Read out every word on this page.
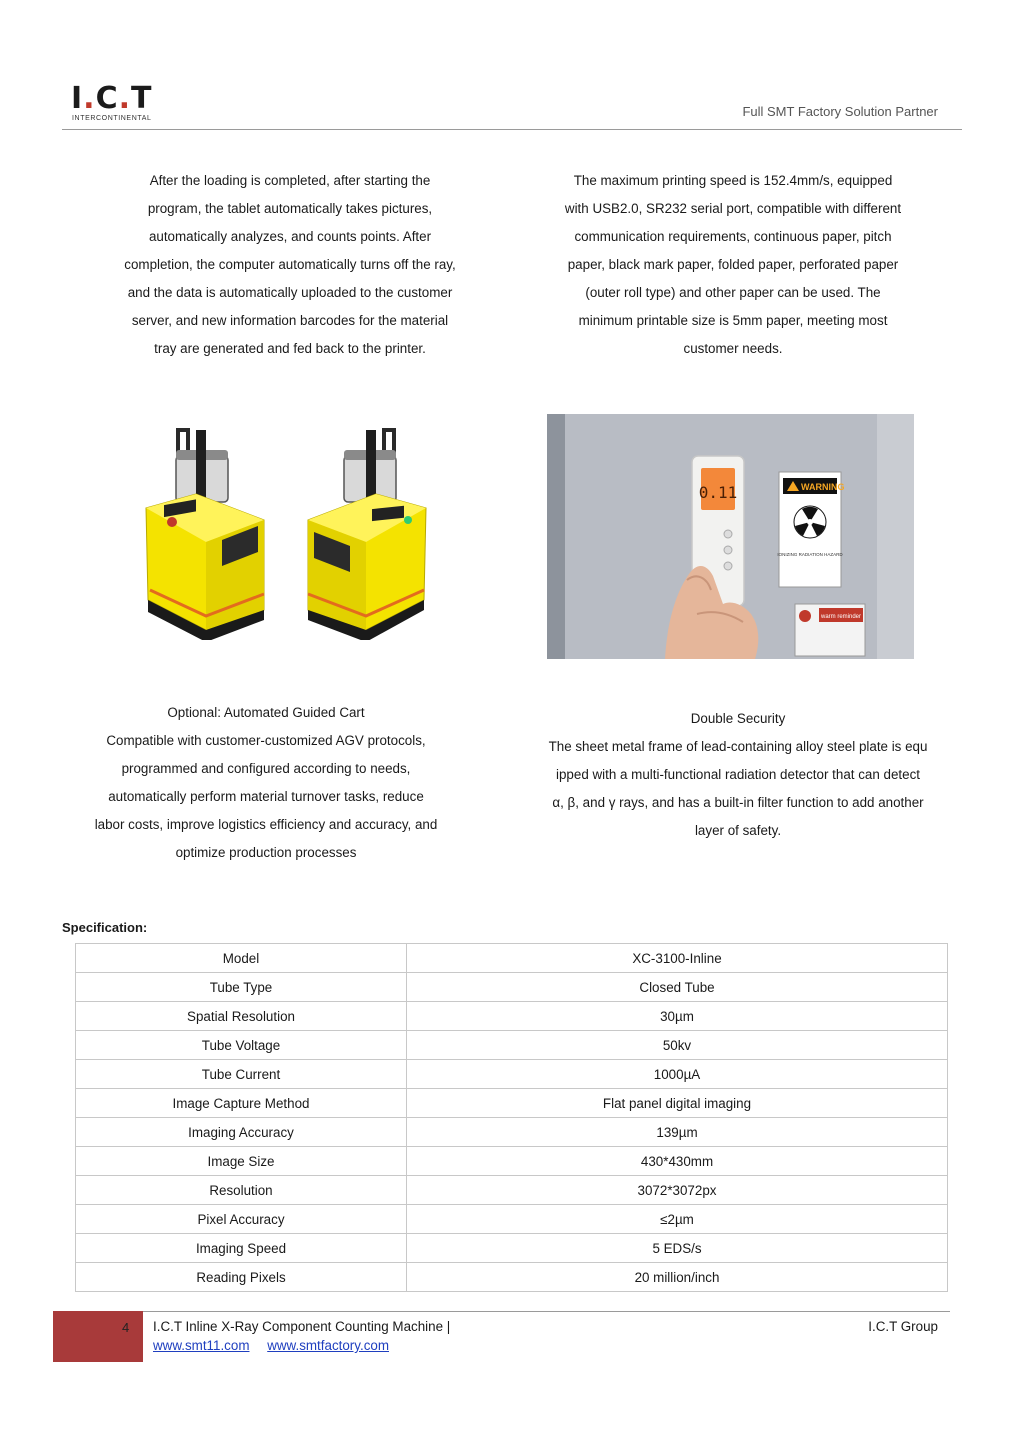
I.C.T
INTERCONTINENTAL	Full SMT Factory Solution Partner
After the loading is completed, after starting the
program, the tablet automatically takes pictures,
automatically analyzes, and counts points. After
completion, the computer automatically turns off the ray,
and the data is automatically uploaded to the customer
server, and new information barcodes for the material
tray are generated and fed back to the printer.
The maximum printing speed is 152.4mm/s, equipped
with USB2.0, SR232 serial port, compatible with different
communication requirements, continuous paper, pitch
paper, black mark paper, folded paper, perforated paper
(outer roll type) and other paper can be used. The
minimum printable size is 5mm paper, meeting most
customer needs.
WARNING
IONIZING RADIATION HAZARD
warm reminder
0.11
Optional: Automated Guided Cart
Compatible with customer-customized AGV protocols,
programmed and configured according to needs,
automatically perform material turnover tasks, reduce
labor costs, improve logistics efficiency and accuracy, and
optimize production processes
Double Security
The sheet metal frame of lead-containing alloy steel plate is equ
ipped with a multi-functional radiation detector that can detect
α, β, and γ rays, and has a built-in filter function to add another
layer of safety.
Specification:
Model	XC-3100-Inline
Tube Type	Closed Tube
Spatial Resolution	30µm
Tube Voltage	50kv
Tube Current	1000µA
Image Capture Method	Flat panel digital imaging
Imaging Accuracy	139µm
Image Size	430*430mm
Resolution	3072*3072px
Pixel Accuracy	≤2µm
Imaging Speed	5 EDS/s
Reading Pixels	20 million/inch
4 I.C.T Inline X-Ray Component Counting Machine |
www.smt11.com www.smtfactory.com
I.C.T Group
